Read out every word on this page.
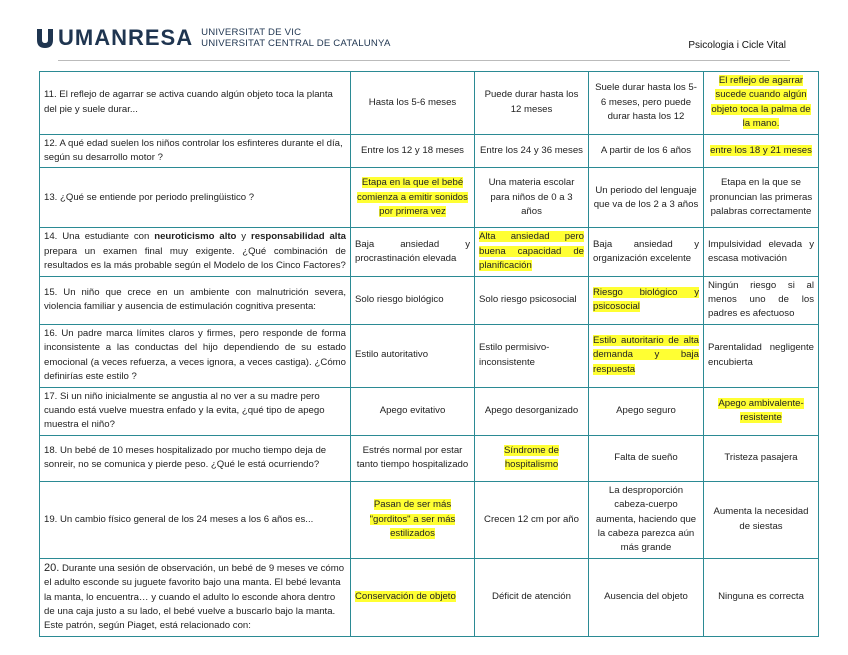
UMANRESA UNIVERSITAT DE VIC
UNIVERSITAT CENTRAL DE CATALUNYA	Psicologia i Cicle Vital
11. El reflejo de agarrar se activa cuando algún objeto toca la planta del pie y suele durar...	Hasta los 5-6 meses	Puede durar hasta los 12 meses	Suele durar hasta los 5-6 meses, pero puede durar hasta los 12	El reflejo de agarrar sucede cuando algún objeto toca la palma de la mano.
12. A qué edad suelen los niños controlar los esfinteres durante el día, según su desarrollo motor ?	Entre los 12 y 18 meses	Entre los 24 y 36 meses	A partir de los 6 años	entre los 18 y 21 meses
13. ¿Qué se entiende por periodo prelingüistico ?	Etapa en la que el bebé comienza a emitir sonidos por primera vez	Una materia escolar para niños de 0 a 3 años	Un periodo del lenguaje que va de los 2 a 3 años	Etapa en la que se pronuncian las primeras palabras correctamente
14. Una estudiante con neuroticismo alto y responsabilidad alta prepara un examen final muy exigente. ¿Qué combinación de resultados es la más probable según el Modelo de los Cinco Factores?	Baja ansiedad y procrastinación elevada	Alta ansiedad pero buena capacidad de planificación	Baja ansiedad y organización excelente	Impulsividad elevada y escasa motivación
15. Un niño que crece en un ambiente con malnutrición severa, violencia familiar y ausencia de estimulación cognitiva presenta:	Solo riesgo biológico	Solo riesgo psicosocial	Riesgo biológico y psicosocial	Ningún riesgo si al menos uno de los padres es afectuoso
16. Un padre marca límites claros y firmes, pero responde de forma inconsistente a las conductas del hijo dependiendo de su estado emocional (a veces refuerza, a veces ignora, a veces castiga). ¿Cómo definirías este estilo ?	Estilo autoritativo	Estilo permisivo-inconsistente	Estilo autoritario de alta demanda y baja respuesta	Parentalidad negligente encubierta
17. Si un niño inicialmente se angustia al no ver a su madre pero cuando está vuelve muestra enfado y la evita, ¿qué tipo de apego muestra el niño?	Apego evitativo	Apego desorganizado	Apego seguro	Apego ambivalente-resistente
18. Un bebé de 10 meses hospitalizado por mucho tiempo deja de sonreir, no se comunica y pierde peso. ¿Qué le está ocurriendo?	Estrés normal por estar tanto tiempo hospitalizado	Síndrome de hospitalismo	Falta de sueño	Tristeza pasajera
19. Un cambio físico general de los 24 meses a los 6 años es...	Pasan de ser más "gorditos" a ser más estilizados	Crecen 12 cm por año	La desproporción cabeza-cuerpo aumenta, haciendo que la cabeza parezca aún más grande	Aumenta la necesidad de siestas
20. Durante una sesión de observación, un bebé de 9 meses ve cómo el adulto esconde su juguete favorito bajo una manta. El bebé levanta la manta, lo encuentra… y cuando el adulto lo esconde ahora dentro de una caja justo a su lado, el bebé vuelve a buscarlo bajo la manta. Este patrón, según Piaget, está relacionado con:	Conservación de objeto	Déficit de atención	Ausencia del objeto	Ninguna es correcta
